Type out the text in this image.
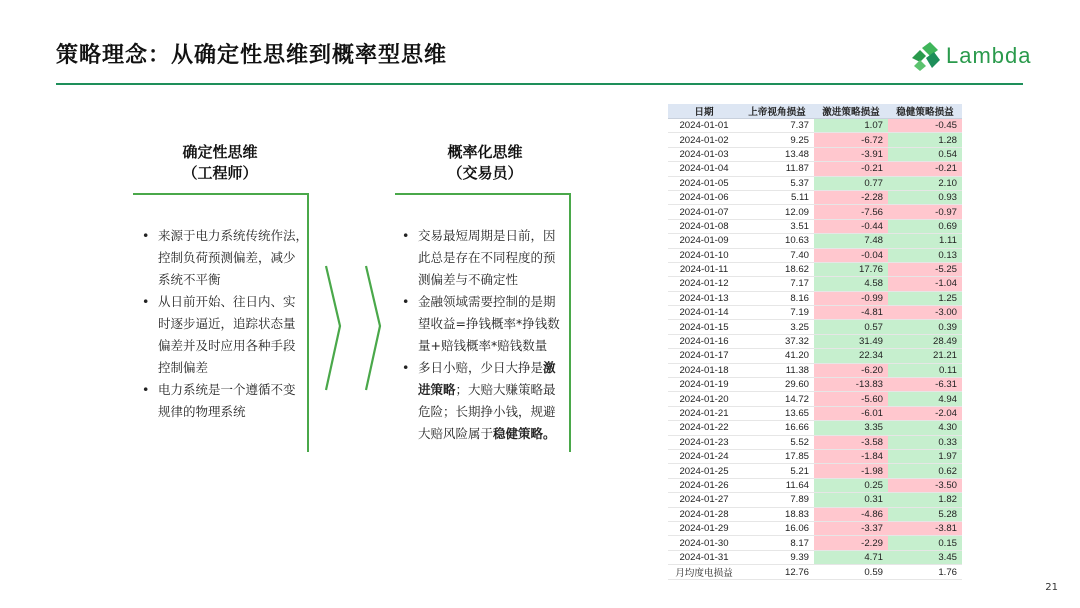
策略理念：从确定性思维到概率型思维	Lambda
确定性思维
（工程师）
• 来源于电力系统传统作法，
控制负荷预测偏差，减少
系统不平衡
• 从日前开始、往日内、实
时逐步逼近，追踪状态量
偏差并及时应用各种手段
控制偏差
• 电力系统是一个遵循不变
规律的物理系统
概率化思维
（交易员）
• 交易最短周期是日前，因
此总是存在不同程度的预
测偏差与不确定性
• 金融领域需要控制的是期
望收益=挣钱概率*挣钱数
量+赔钱概率*赔钱数量
• 多日小赔，少日大挣是激
进策略；大赔大赚策略最
危险；长期挣小钱，规避
大赔风险属于稳健策略。
日期	上帝视角损益	激进策略损益	稳健策略损益
2024-01-01	7.37	1.07	-0.45
2024-01-02	9.25	-6.72	1.28
2024-01-03	13.48	-3.91	0.54
2024-01-04	11.87	-0.21	-0.21
2024-01-05	5.37	0.77	2.10
2024-01-06	5.11	-2.28	0.93
2024-01-07	12.09	-7.56	-0.97
2024-01-08	3.51	-0.44	0.69
2024-01-09	10.63	7.48	1.11
2024-01-10	7.40	-0.04	0.13
2024-01-11	18.62	17.76	-5.25
2024-01-12	7.17	4.58	-1.04
2024-01-13	8.16	-0.99	1.25
2024-01-14	7.19	-4.81	-3.00
2024-01-15	3.25	0.57	0.39
2024-01-16	37.32	31.49	28.49
2024-01-17	41.20	22.34	21.21
2024-01-18	11.38	-6.20	0.11
2024-01-19	29.60	-13.83	-6.31
2024-01-20	14.72	-5.60	4.94
2024-01-21	13.65	-6.01	-2.04
2024-01-22	16.66	3.35	4.30
2024-01-23	5.52	-3.58	0.33
2024-01-24	17.85	-1.84	1.97
2024-01-25	5.21	-1.98	0.62
2024-01-26	11.64	0.25	-3.50
2024-01-27	7.89	0.31	1.82
2024-01-28	18.83	-4.86	5.28
2024-01-29	16.06	-3.37	-3.81
2024-01-30	8.17	-2.29	0.15
2024-01-31	9.39	4.71	3.45
月均度电损益	12.76	0.59	1.76
21
